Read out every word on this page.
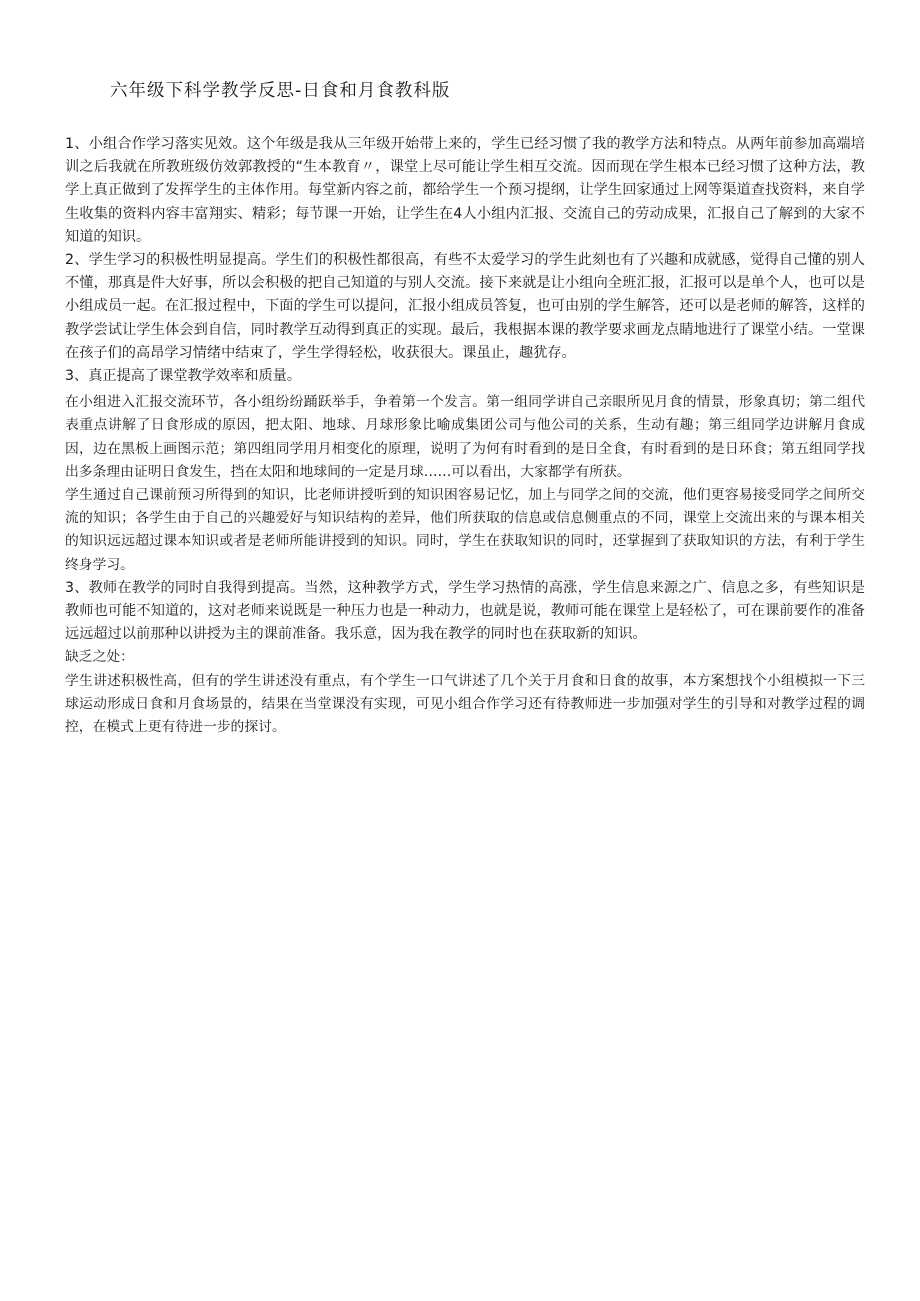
六年级下科学教学反思-日食和月食教科版

1、小组合作学习落实见效。这个年级是我从三年级开始带上来的，学生已经习惯了我的教学方法和特点。从两年前参加高端培训之后我就在所教班级仿效郭教授的“生本教育〃，课堂上尽可能让学生相互交流。因而现在学生根本已经习惯了这种方法，教学上真正做到了发挥学生的主体作用。每堂新内容之前，都给学生一个预习提纲，让学生回家通过上网等渠道查找资料，来自学生收集的资料内容丰富翔实、精彩；每节课一开始，让学生在4人小组内汇报、交流自己的劳动成果，汇报自己了解到的大家不知道的知识。

2、学生学习的积极性明显提高。学生们的积极性都很高，有些不太爱学习的学生此刻也有了兴趣和成就感，觉得自己懂的别人不懂，那真是件大好事，所以会积极的把自己知道的与别人交流。接下来就是让小组向全班汇报，汇报可以是单个人，也可以是小组成员一起。在汇报过程中，下面的学生可以提问，汇报小组成员答复，也可由别的学生解答，还可以是老师的解答，这样的教学尝试让学生体会到自信，同时教学互动得到真正的实现。最后，我根据本课的教学要求画龙点睛地进行了课堂小结。一堂课在孩子们的高昂学习情绪中结束了，学生学得轻松，收获很大。课虽止，趣犹存。

3、真正提高了课堂教学效率和质量。

在小组进入汇报交流环节，各小组纷纷踊跃举手，争着第一个发言。第一组同学讲自己亲眼所见月食的情景，形象真切；第二组代表重点讲解了日食形成的原因，把太阳、地球、月球形象比喻成集团公司与他公司的关系，生动有趣；第三组同学边讲解月食成因，边在黑板上画图示范；第四组同学用月相变化的原理，说明了为何有时看到的是日全食，有时看到的是日环食；第五组同学找出多条理由证明日食发生，挡在太阳和地球间的一定是月球……可以看出，大家都学有所获。

学生通过自己课前预习所得到的知识，比老师讲授听到的知识困容易记忆，加上与同学之间的交流，他们更容易接受同学之间所交流的知识；各学生由于自己的兴趣爱好与知识结构的差异，他们所获取的信息或信息侧重点的不同，课堂上交流出来的与课本相关的知识远远超过课本知识或者是老师所能讲授到的知识。同时，学生在获取知识的同时，还掌握到了获取知识的方法，有利于学生终身学习。

3、教师在教学的同时自我得到提高。当然，这种教学方式，学生学习热情的高涨，学生信息来源之广、信息之多，有些知识是教师也可能不知道的，这对老师来说既是一种压力也是一种动力，也就是说，教师可能在课堂上是轻松了，可在课前要作的准备远远超过以前那种以讲授为主的课前准备。我乐意，因为我在教学的同时也在获取新的知识。

缺乏之处：

学生讲述积极性高，但有的学生讲述没有重点，有个学生一口气讲述了几个关于月食和日食的故事，本方案想找个小组模拟一下三球运动形成日食和月食场景的，结果在当堂课没有实现，可见小组合作学习还有待教师进一步加强对学生的引导和对教学过程的调控，在模式上更有待进一步的探讨。
